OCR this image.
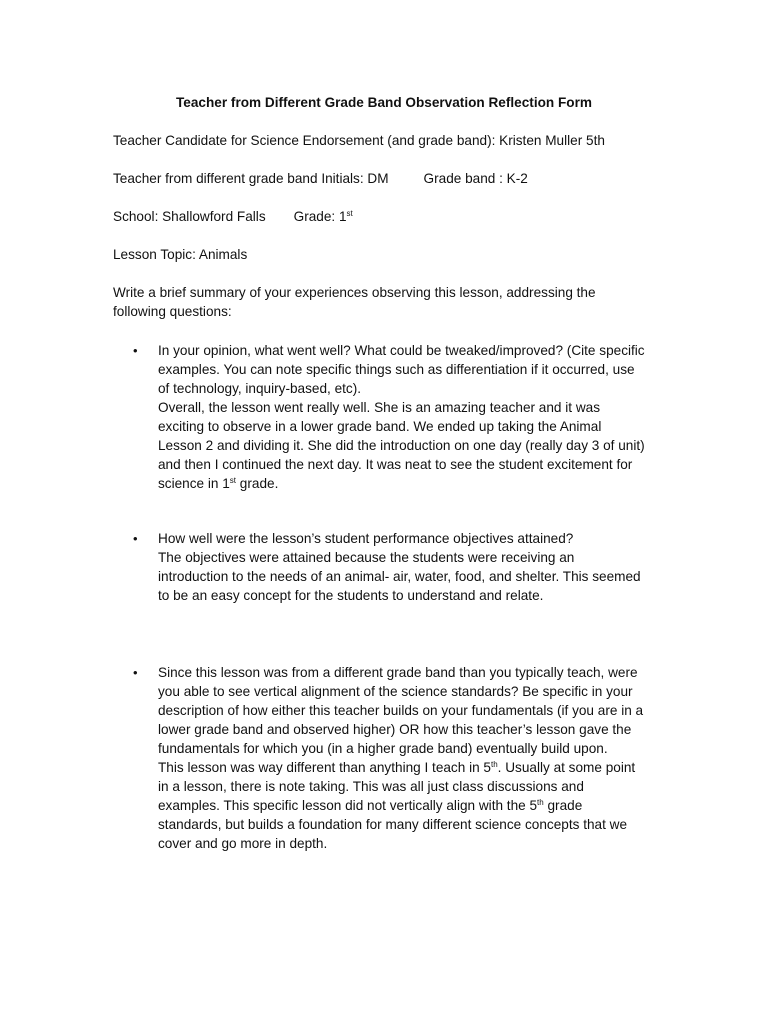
Teacher from Different Grade Band Observation Reflection Form
Teacher Candidate for Science Endorsement (and grade band): Kristen Muller 5th
Teacher from different grade band Initials: DM	Grade band : K-2
School: Shallowford Falls Grade: 1st
Lesson Topic: Animals
Write a brief summary of your experiences observing this lesson, addressing the following questions:
• In your opinion, what went well? What could be tweaked/improved? (Cite specific examples. You can note specific things such as differentiation if it occurred, use of technology, inquiry-based, etc).

Overall, the lesson went really well. She is an amazing teacher and it was exciting to observe in a lower grade band. We ended up taking the Animal Lesson 2 and dividing it. She did the introduction on one day (really day 3 of unit) and then I continued the next day. It was neat to see the student excitement for science in 1st grade.

• How well were the lesson’s student performance objectives attained?

The objectives were attained because the students were receiving an introduction to the needs of an animal- air, water, food, and shelter. This seemed to be an easy concept for the students to understand and relate.

• Since this lesson was from a different grade band than you typically teach, were you able to see vertical alignment of the science standards? Be specific in your description of how either this teacher builds on your fundamentals (if you are in a lower grade band and observed higher) OR how this teacher’s lesson gave the fundamentals for which you (in a higher grade band) eventually build upon.

This lesson was way different than anything I teach in 5th. Usually at some point in a lesson, there is note taking. This was all just class discussions and examples. This specific lesson did not vertically align with the 5th grade standards, but builds a foundation for many different science concepts that we cover and go more in depth.
